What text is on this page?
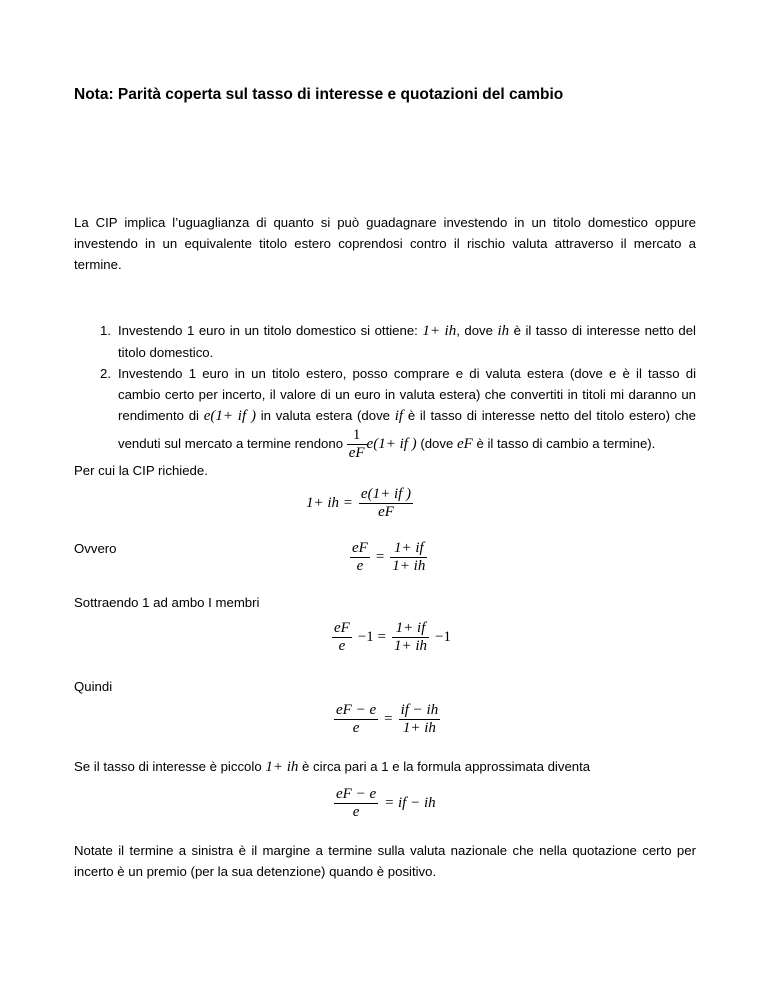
Nota: Parità coperta sul tasso di interesse e quotazioni del cambio

La CIP implica l’uguaglianza di quanto si può guadagnare investendo in un titolo domestico oppure investendo in un equivalente titolo estero coprendosi contro il rischio valuta attraverso il mercato a termine.

1. Investendo 1 euro in un titolo domestico si ottiene: 1+ ih, dove ih è il tasso di interesse netto del titolo domestico.
2. Investendo 1 euro in un titolo estero, posso comprare e di valuta estera (dove e è il tasso di cambio certo per incerto, il valore di un euro in valuta estera) che convertiti in titoli mi daranno un rendimento di e(1+ if ) in valuta estera (dove if è il tasso di interesse netto del titolo estero) che venduti sul mercato a termine rendono $\frac{1}{eF} e(1+$ if ) (dove eF è il tasso di cambio a termine).

Per cui la CIP richiede.

1+ ih = $\frac{e(1+ if )}{eF}$

Ovvero	$\frac{eF}{e} = \frac{1+ if}{1+ ih}$

Sottraendo 1 ad ambo I membri

$\frac{eF}{e} -1 = \frac{1+ if}{1+ ih} -1$

Quindi

$\frac{eF - e}{e} = \frac{if - ih}{1+ ih}$

Se il tasso di interesse è piccolo 1+ ih è circa pari a 1 e la formula approssimata diventa

$\frac{eF - e}{e}$ = if − ih

Notate il termine a sinistra è il margine a termine sulla valuta nazionale che nella quotazione certo per incerto è un premio (per la sua detenzione) quando è positivo.
